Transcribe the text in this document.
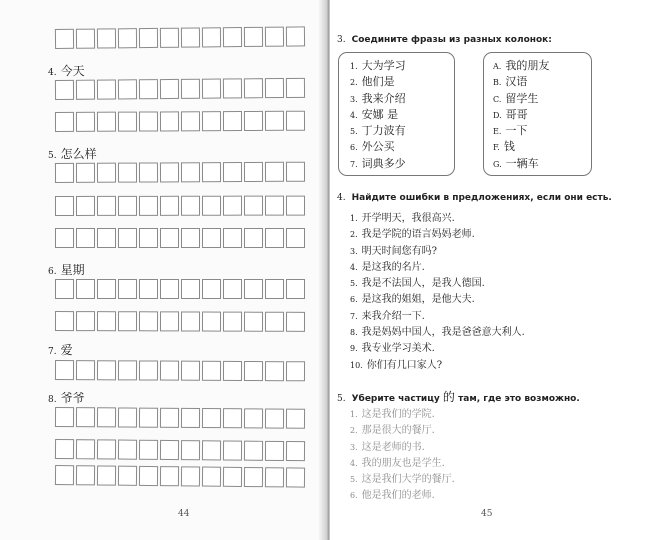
4. 今天
5. 怎么样
6. 星期
7. 爱
8. 爷爷
44
3. Соедините фразы из разных колонок:
1. 大为学习
2. 他们是
3. 我来介绍
4. 安娜 是
5. 丁力波有
6. 外公买
7. 词典多少
A. 我的朋友
B. 汉语
C. 留学生
D. 哥哥
E. 一下
F. 钱
G. 一辆车
4. Найдите ошибки в предложениях, если они есть.
1. 开学明天，我很高兴.
2. 我是学院的语言妈妈老师.
3. 明天时间您有吗?
4. 是这我的名片.
5. 我是不法国人，是我人德国.
6. 是这我的姐姐，是他大夫.
7. 来我介绍一下.
8. 我是妈妈中国人，我是爸爸意大利人.
9. 我专业学习美术.
10. 你们有几口家人?
5. Уберите частицу 的 там, где это возможно.
1. 这是我们的学院.
2. 那是很大的餐厅.
3. 这是老师的书.
4. 我的朋友也是学生.
5. 这是我们大学的餐厅.
6. 他是我们的老师.
45
